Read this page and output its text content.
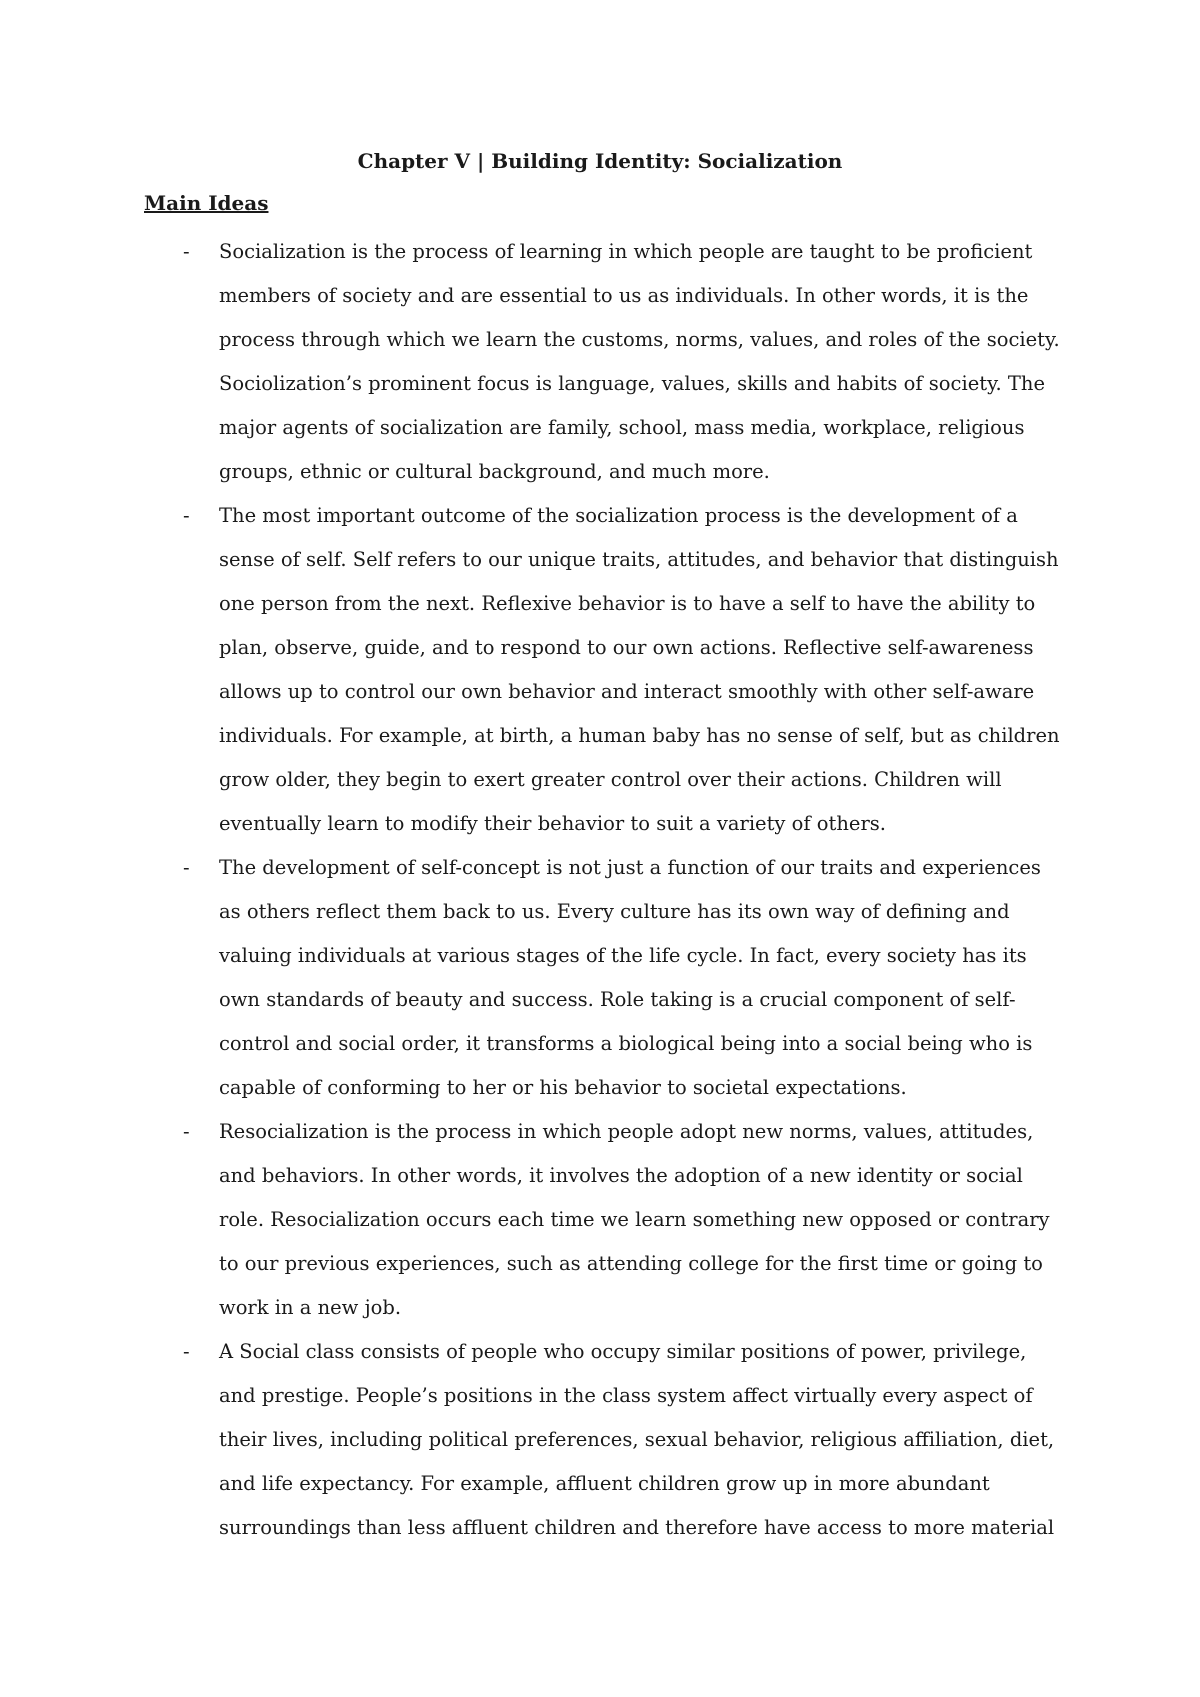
Chapter V | Building Identity: Socialization
Main Ideas
-	Socialization is the process of learning in which people are taught to be proficient members of society and are essential to us as individuals. In other words, it is the process through which we learn the customs, norms, values, and roles of the society. Sociolization’s prominent focus is language, values, skills and habits of society. The major agents of socialization are family, school, mass media, workplace, religious groups, ethnic or cultural background, and much more.
-	The most important outcome of the socialization process is the development of a sense of self. Self refers to our unique traits, attitudes, and behavior that distinguish one person from the next. Reflexive behavior is to have a self to have the ability to plan, observe, guide, and to respond to our own actions. Reflective self-awareness allows up to control our own behavior and interact smoothly with other self-aware individuals. For example, at birth, a human baby has no sense of self, but as children grow older, they begin to exert greater control over their actions. Children will eventually learn to modify their behavior to suit a variety of others.
-	The development of self-concept is not just a function of our traits and experiences as others reflect them back to us. Every culture has its own way of defining and valuing individuals at various stages of the life cycle. In fact, every society has its own standards of beauty and success. Role taking is a crucial component of self-control and social order, it transforms a biological being into a social being who is capable of conforming to her or his behavior to societal expectations.
-	Resocialization is the process in which people adopt new norms, values, attitudes, and behaviors. In other words, it involves the adoption of a new identity or social role. Resocialization occurs each time we learn something new opposed or contrary to our previous experiences, such as attending college for the first time or going to work in a new job.
-	A Social class consists of people who occupy similar positions of power, privilege, and prestige. People’s positions in the class system affect virtually every aspect of their lives, including political preferences, sexual behavior, religious affiliation, diet, and life expectancy. For example, affluent children grow up in more abundant surroundings than less affluent children and therefore have access to more material
